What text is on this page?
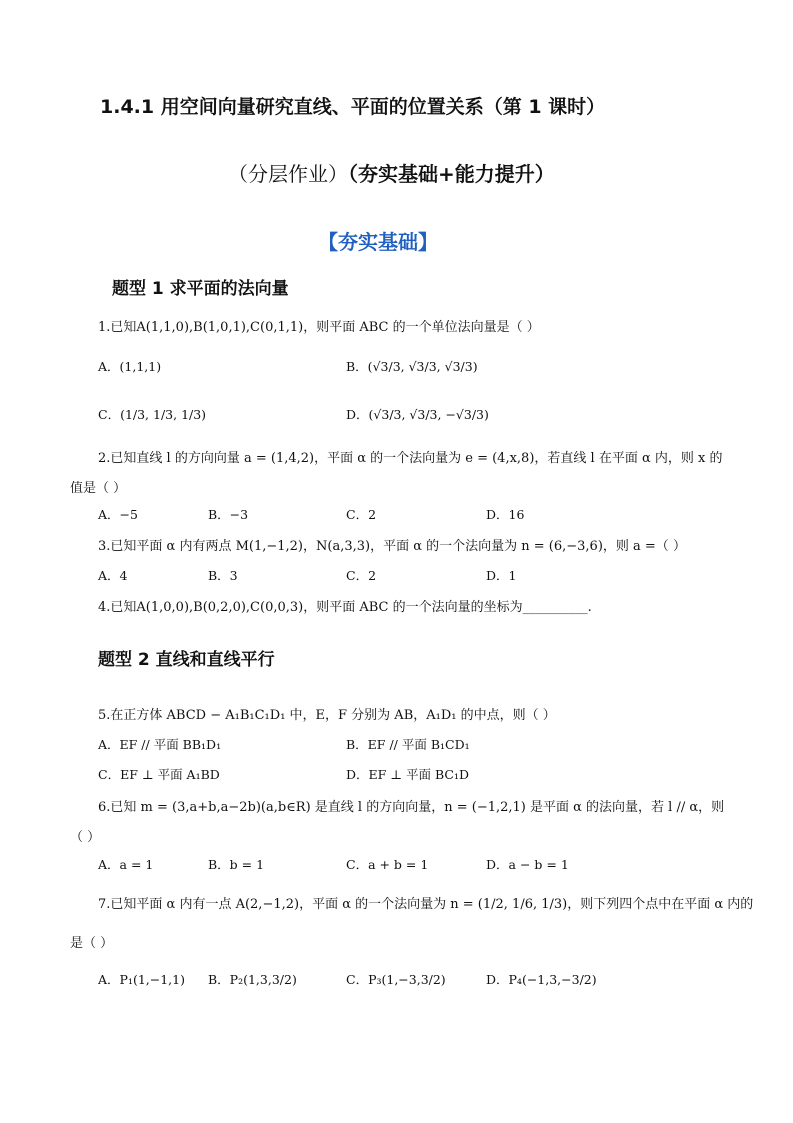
1.4.1 用空间向量研究直线、平面的位置关系（第 1 课时）
（分层作业）（夯实基础+能力提升）
【夯实基础】
题型 1 求平面的法向量
1.已知A(1,1,0),B(1,0,1),C(0,1,1)，则平面 ABC 的一个单位法向量是（ ）
A．(1,1,1)	B．(√3/3, √3/3, √3/3)
C．(1/3, 1/3, 1/3)	D．(√3/3, √3/3, −√3/3)
2.已知直线 l 的方向向量 a = (1,4,2)，平面 α 的一个法向量为 e = (4,x,8)，若直线 l 在平面 α 内，则 x 的
值是（ ）
A．−5	B．−3	C．2	D．16
3.已知平面 α 内有两点 M(1,−1,2)，N(a,3,3)，平面 α 的一个法向量为 n = (6,−3,6)，则 a =（ ）
A．4	B．3	C．2	D．1
4.已知A(1,0,0),B(0,2,0),C(0,0,3)，则平面 ABC 的一个法向量的坐标为__________.
题型 2 直线和直线平行
5.在正方体 ABCD − A₁B₁C₁D₁ 中，E，F 分别为 AB，A₁D₁ 的中点，则（ ）
A．EF // 平面 BB₁D₁	B．EF // 平面 B₁CD₁
C．EF ⊥ 平面 A₁BD	D．EF ⊥ 平面 BC₁D
6.已知 m = (3,a+b,a−2b)(a,b∈R) 是直线 l 的方向向量，n = (−1,2,1) 是平面 α 的法向量，若 l // α，则
（ ）
A．a = 1	B．b = 1	C．a + b = 1	D．a − b = 1
7.已知平面 α 内有一点 A(2,−1,2)，平面 α 的一个法向量为 n = (1/2, 1/6, 1/3)，则下列四个点中在平面 α 内的
是（ ）
A．P₁(1,−1,1) B．P₂(1,3,3/2)	C．P₃(1,−3,3/2)	D．P₄(−1,3,−3/2)
